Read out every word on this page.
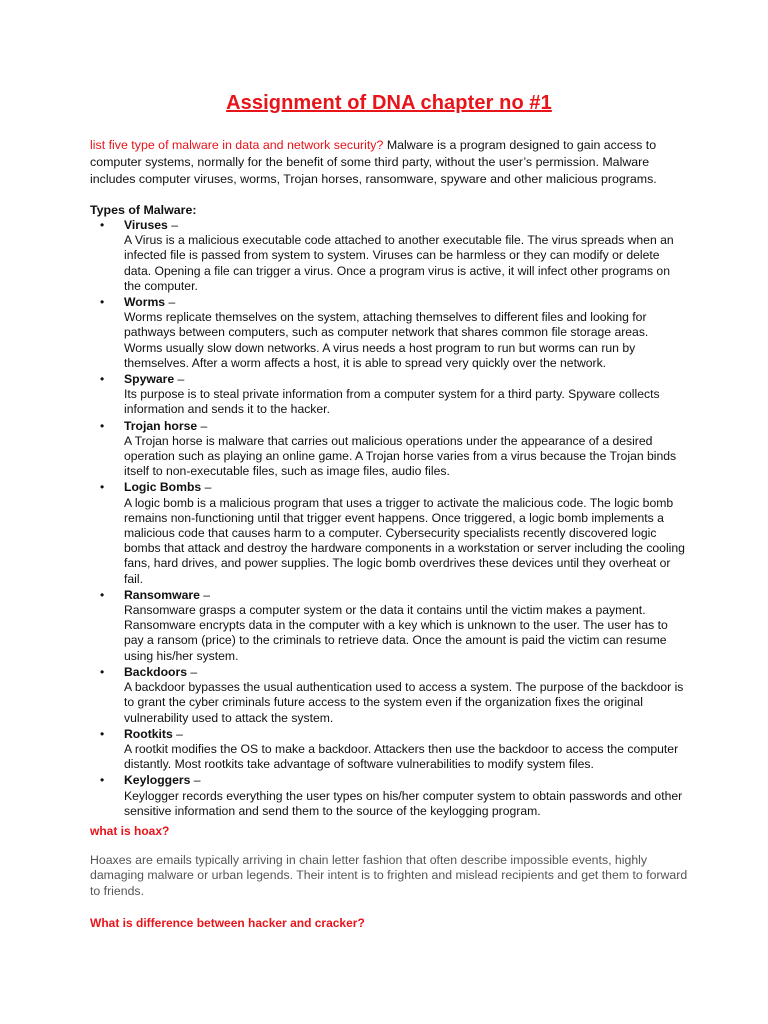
Assignment of DNA chapter no #1

list five type of malware in data and network security? Malware is a program designed to gain access to computer systems, normally for the benefit of some third party, without the user’s permission. Malware includes computer viruses, worms, Trojan horses, ransomware, spyware and other malicious programs.

Types of Malware:

• Viruses –
A Virus is a malicious executable code attached to another executable file. The virus spreads when an infected file is passed from system to system. Viruses can be harmless or they can modify or delete data. Opening a file can trigger a virus. Once a program virus is active, it will infect other programs on the computer.
• Worms –
Worms replicate themselves on the system, attaching themselves to different files and looking for pathways between computers, such as computer network that shares common file storage areas. Worms usually slow down networks. A virus needs a host program to run but worms can run by themselves. After a worm affects a host, it is able to spread very quickly over the network.
• Spyware –
Its purpose is to steal private information from a computer system for a third party. Spyware collects information and sends it to the hacker.
• Trojan horse –
A Trojan horse is malware that carries out malicious operations under the appearance of a desired operation such as playing an online game. A Trojan horse varies from a virus because the Trojan binds itself to non-executable files, such as image files, audio files.
• Logic Bombs –
A logic bomb is a malicious program that uses a trigger to activate the malicious code. The logic bomb remains non-functioning until that trigger event happens. Once triggered, a logic bomb implements a malicious code that causes harm to a computer. Cybersecurity specialists recently discovered logic bombs that attack and destroy the hardware components in a workstation or server including the cooling fans, hard drives, and power supplies. The logic bomb overdrives these devices until they overheat or fail.
• Ransomware –
Ransomware grasps a computer system or the data it contains until the victim makes a payment. Ransomware encrypts data in the computer with a key which is unknown to the user. The user has to pay a ransom (price) to the criminals to retrieve data. Once the amount is paid the victim can resume using his/her system.
• Backdoors –
A backdoor bypasses the usual authentication used to access a system. The purpose of the backdoor is to grant the cyber criminals future access to the system even if the organization fixes the original vulnerability used to attack the system.
• Rootkits –
A rootkit modifies the OS to make a backdoor. Attackers then use the backdoor to access the computer distantly. Most rootkits take advantage of software vulnerabilities to modify system files.
• Keyloggers –
Keylogger records everything the user types on his/her computer system to obtain passwords and other sensitive information and send them to the source of the keylogging program.

what is hoax?

Hoaxes are emails typically arriving in chain letter fashion that often describe impossible events, highly damaging malware or urban legends. Their intent is to frighten and mislead recipients and get them to forward to friends.

What is difference between hacker and cracker?
